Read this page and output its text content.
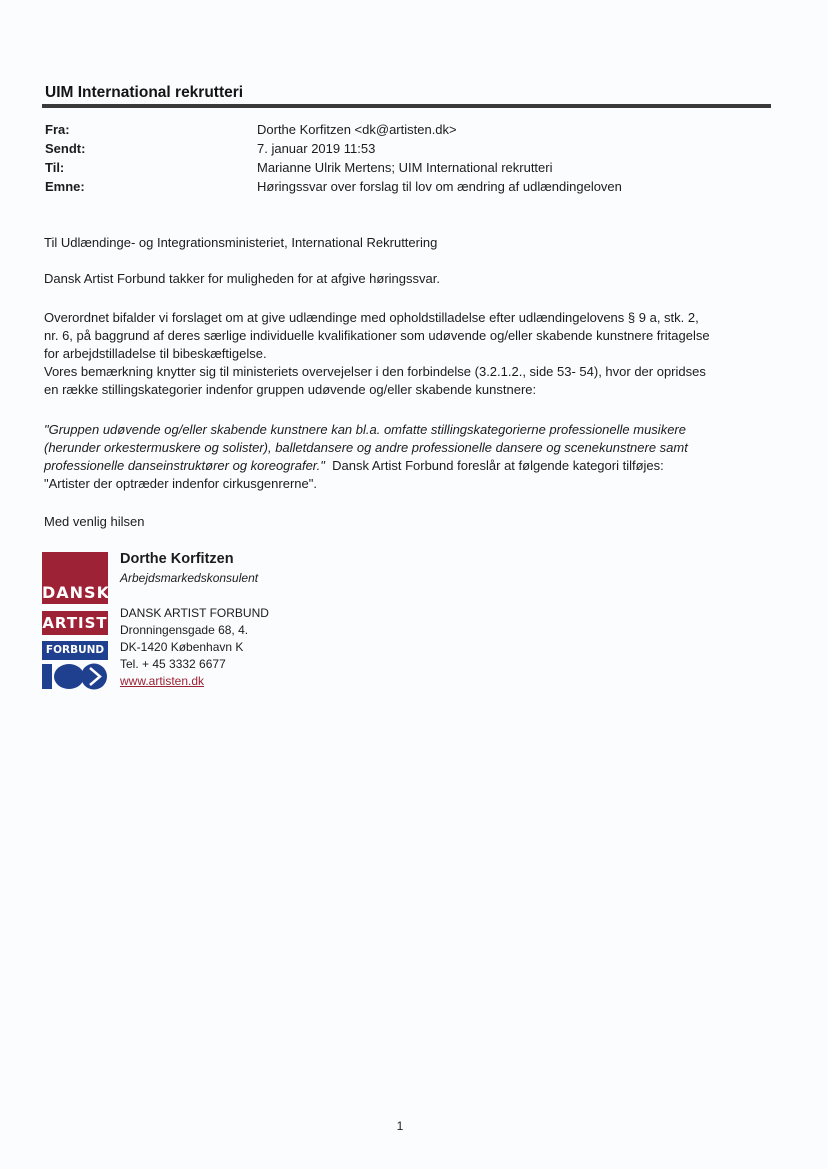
UIM International rekrutteri
Fra:	Dorthe Korfitzen <dk@artisten.dk>
Sendt:	7. januar 2019 11:53
Til:	Marianne Ulrik Mertens; UIM International rekrutteri
Emne:	Høringssvar over forslag til lov om ændring af udlændingeloven
Til Udlændinge- og Integrationsministeriet, International Rekruttering
Dansk Artist Forbund takker for muligheden for at afgive høringssvar.
Overordnet bifalder vi forslaget om at give udlændinge med opholdstilladelse efter udlændingelovens § 9 a, stk. 2,
nr. 6, på baggrund af deres særlige individuelle kvalifikationer som udøvende og/eller skabende kunstnere fritagelse
for arbejdstilladelse til bibeskæftigelse.
Vores bemærkning knytter sig til ministeriets overvejelser i den forbindelse (3.2.1.2., side 53- 54), hvor der opridses
en række stillingskategorier indenfor gruppen udøvende og/eller skabende kunstnere:
"Gruppen udøvende og/eller skabende kunstnere kan bl.a. omfatte stillingskategorierne professionelle musikere
(herunder orkestermuskere og solister), balletdansere og andre professionelle dansere og scenekunstnere samt
professionelle danseinstruktører og koreografer."  Dansk Artist Forbund foreslår at følgende kategori tilføjes:
"Artister der optræder indenfor cirkusgenrerne".
Med venlig hilsen
DANSK
ARTIST
FORBUND
Dorthe Korfitzen
Arbejdsmarkedskonsulent
DANSK ARTIST FORBUND
Dronningensgade 68, 4.
DK-1420 København K
Tel. + 45 3332 6677
www.artisten.dk
1
